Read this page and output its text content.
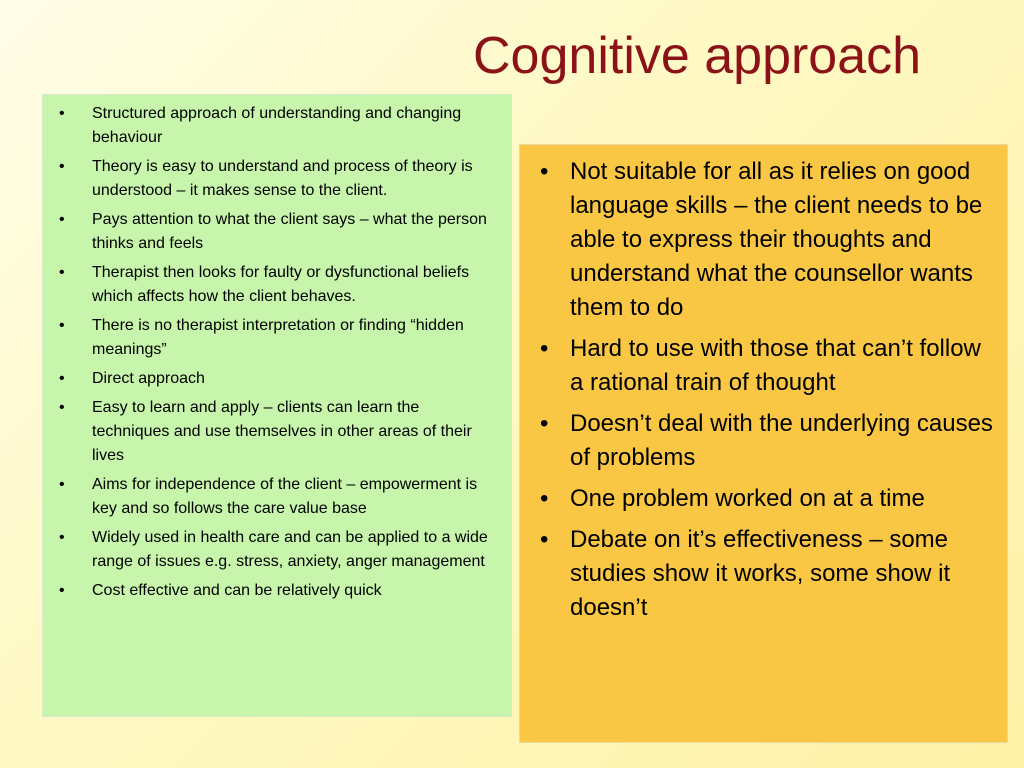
Cognitive approach
• Structured approach of understanding and changing behaviour
• Theory is easy to understand and process of theory is understood – it makes sense to the client.
• Pays attention to what the client says – what the person thinks and feels
• Therapist then looks for faulty or dysfunctional beliefs which affects how the client behaves.
• There is no therapist interpretation or finding “hidden meanings”
• Direct approach
• Easy to learn and apply – clients can learn the techniques and use themselves in other areas of their lives
• Aims for independence of the client – empowerment is key and so follows the care value base
• Widely used in health care and can be applied to a wide range of issues e.g. stress, anxiety, anger management
• Cost effective and can be relatively quick
• Not suitable for all as it relies on good language skills – the client needs to be able to express their thoughts and understand what the counsellor wants them to do
• Hard to use with those that can’t follow a rational train of thought
• Doesn’t deal with the underlying causes of problems
• One problem worked on at a time
• Debate on it’s effectiveness – some studies show it works, some show it doesn’t
